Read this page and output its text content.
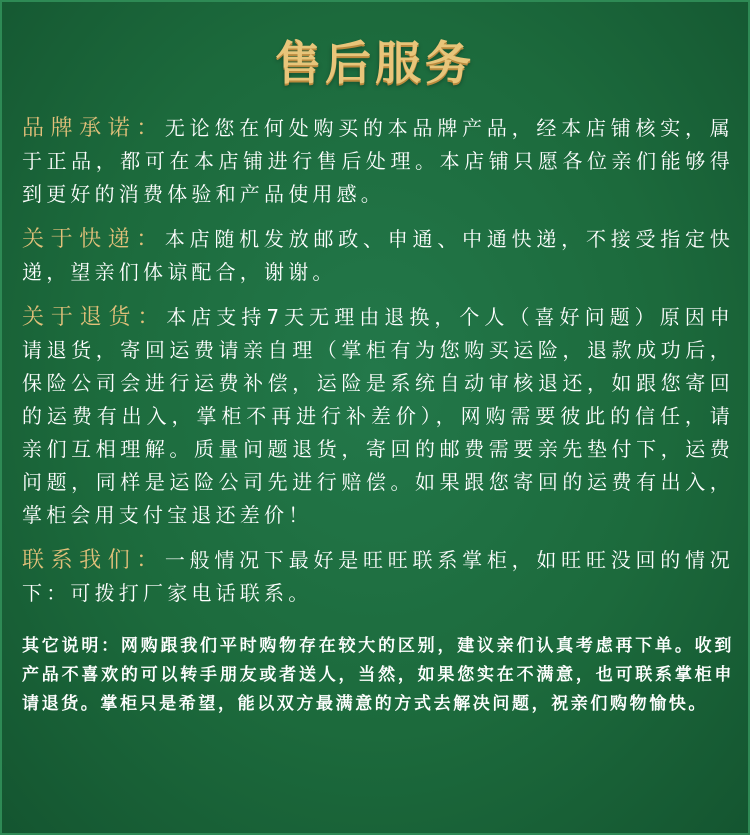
售后服务

品牌承诺：无论您在何处购买的本品牌产品，经本店铺核实，属于正品，都可在本店铺进行售后处理。本店铺只愿各位亲们能够得到更好的消费体验和产品使用感。

关于快递：本店随机发放邮政、申通、中通快递，不接受指定快递，望亲们体谅配合，谢谢。

关于退货：本店支持7天无理由退换，个人（喜好问题）原因申请退货，寄回运费请亲自理（掌柜有为您购买运险，退款成功后，保险公司会进行运费补偿，运险是系统自动审核退还，如跟您寄回的运费有出入，掌柜不再进行补差价），网购需要彼此的信任，请亲们互相理解。质量问题退货，寄回的邮费需要亲先垫付下，运费问题，同样是运险公司先进行赔偿。如果跟您寄回的运费有出入，掌柜会用支付宝退还差价！

联系我们：一般情况下最好是旺旺联系掌柜，如旺旺没回的情况下：可拨打厂家电话联系。

其它说明：网购跟我们平时购物存在较大的区别，建议亲们认真考虑再下单。收到产品不喜欢的可以转手朋友或者送人，当然，如果您实在不满意，也可联系掌柜申请退货。掌柜只是希望，能以双方最满意的方式去解决问题，祝亲们购物愉快。
